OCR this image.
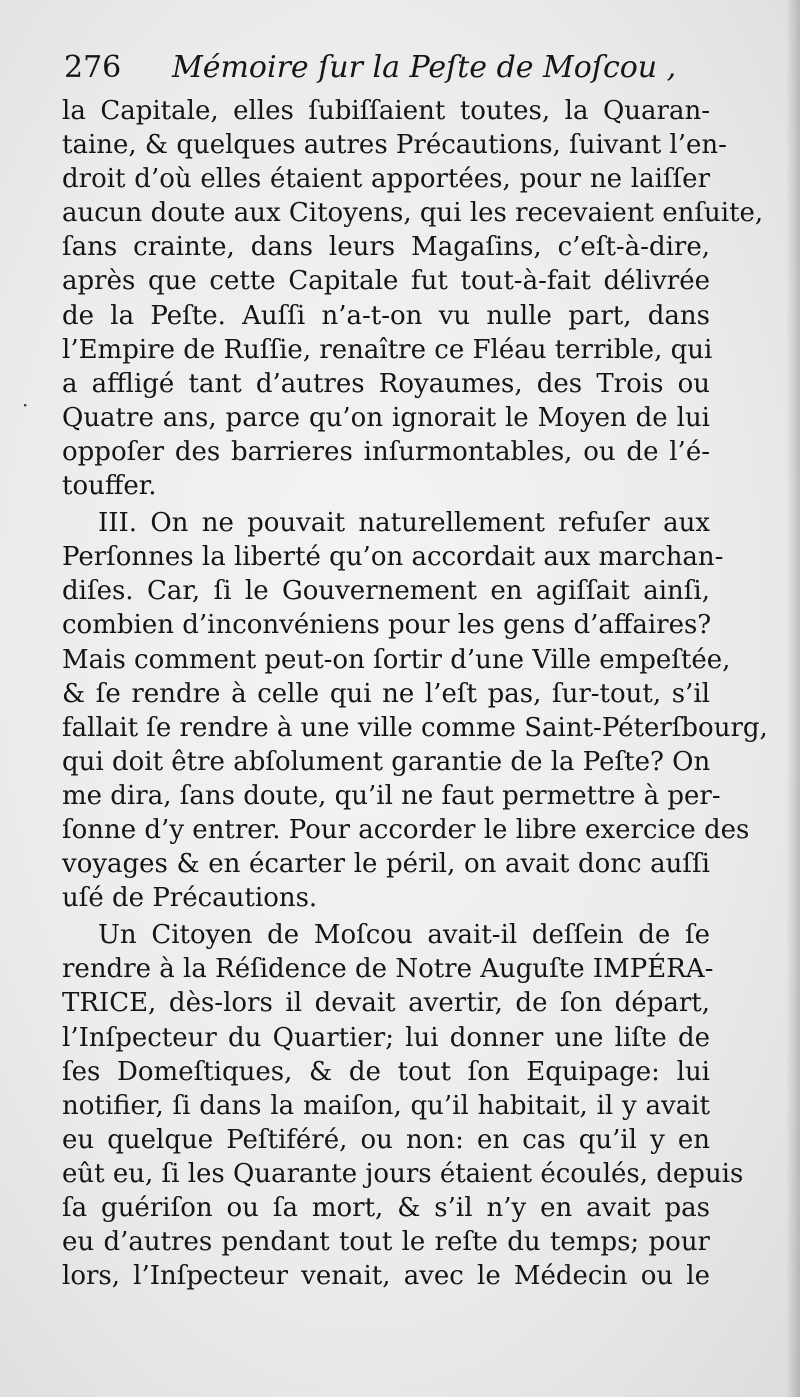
276 Mémoire ſur la Peſte de Moſcou ,
·
la Capitale, elles ſubiſſaient toutes, la Quaran-
taine, & quelques autres Précautions, ſuivant l’en-
droit d’où elles étaient apportées, pour ne laiſſer
aucun doute aux Citoyens, qui les recevaient enſuite,
ſans crainte, dans leurs Magaſins, c’eſt-à-dire,
après que cette Capitale fut tout-à-fait délivrée
de la Peſte. Auſſi n’a-t-on vu nulle part, dans
l’Empire de Ruſſie, renaître ce Fléau terrible, qui
a affligé tant d’autres Royaumes, des Trois ou
Quatre ans, parce qu’on ignorait le Moyen de lui
oppoſer des barrieres inſurmontables, ou de l’é-
touffer.
III. On ne pouvait naturellement refuſer aux
Perſonnes la liberté qu’on accordait aux marchan-
diſes. Car, ſi le Gouvernement en agiſſait ainſi,
combien d’inconvéniens pour les gens d’affaires?
Mais comment peut-on ſortir d’une Ville empeſtée,
& ſe rendre à celle qui ne l’eſt pas, ſur-tout, s’il
fallait ſe rendre à une ville comme Saint-Péterſbourg,
qui doit être abſolument garantie de la Peſte? On
me dira, ſans doute, qu’il ne faut permettre à per-
ſonne d’y entrer. Pour accorder le libre exercice des
voyages & en écarter le péril, on avait donc auſſi
uſé de Précautions.
Un Citoyen de Moſcou avait-il deſſein de ſe
rendre à la Réſidence de Notre Auguſte IMPÉRA-
TRICE, dès-lors il devait avertir, de ſon départ,
l’Inſpecteur du Quartier; lui donner une liſte de
ſes Domeſtiques, & de tout ſon Equipage: lui
notifier, ſi dans la maiſon, qu’il habitait, il y avait
eu quelque Peſtiféré, ou non: en cas qu’il y en
eût eu, ſi les Quarante jours étaient écoulés, depuis
ſa guériſon ou ſa mort, & s’il n’y en avait pas
eu d’autres pendant tout le reſte du temps; pour
lors, l’Inſpecteur venait, avec le Médecin ou le
